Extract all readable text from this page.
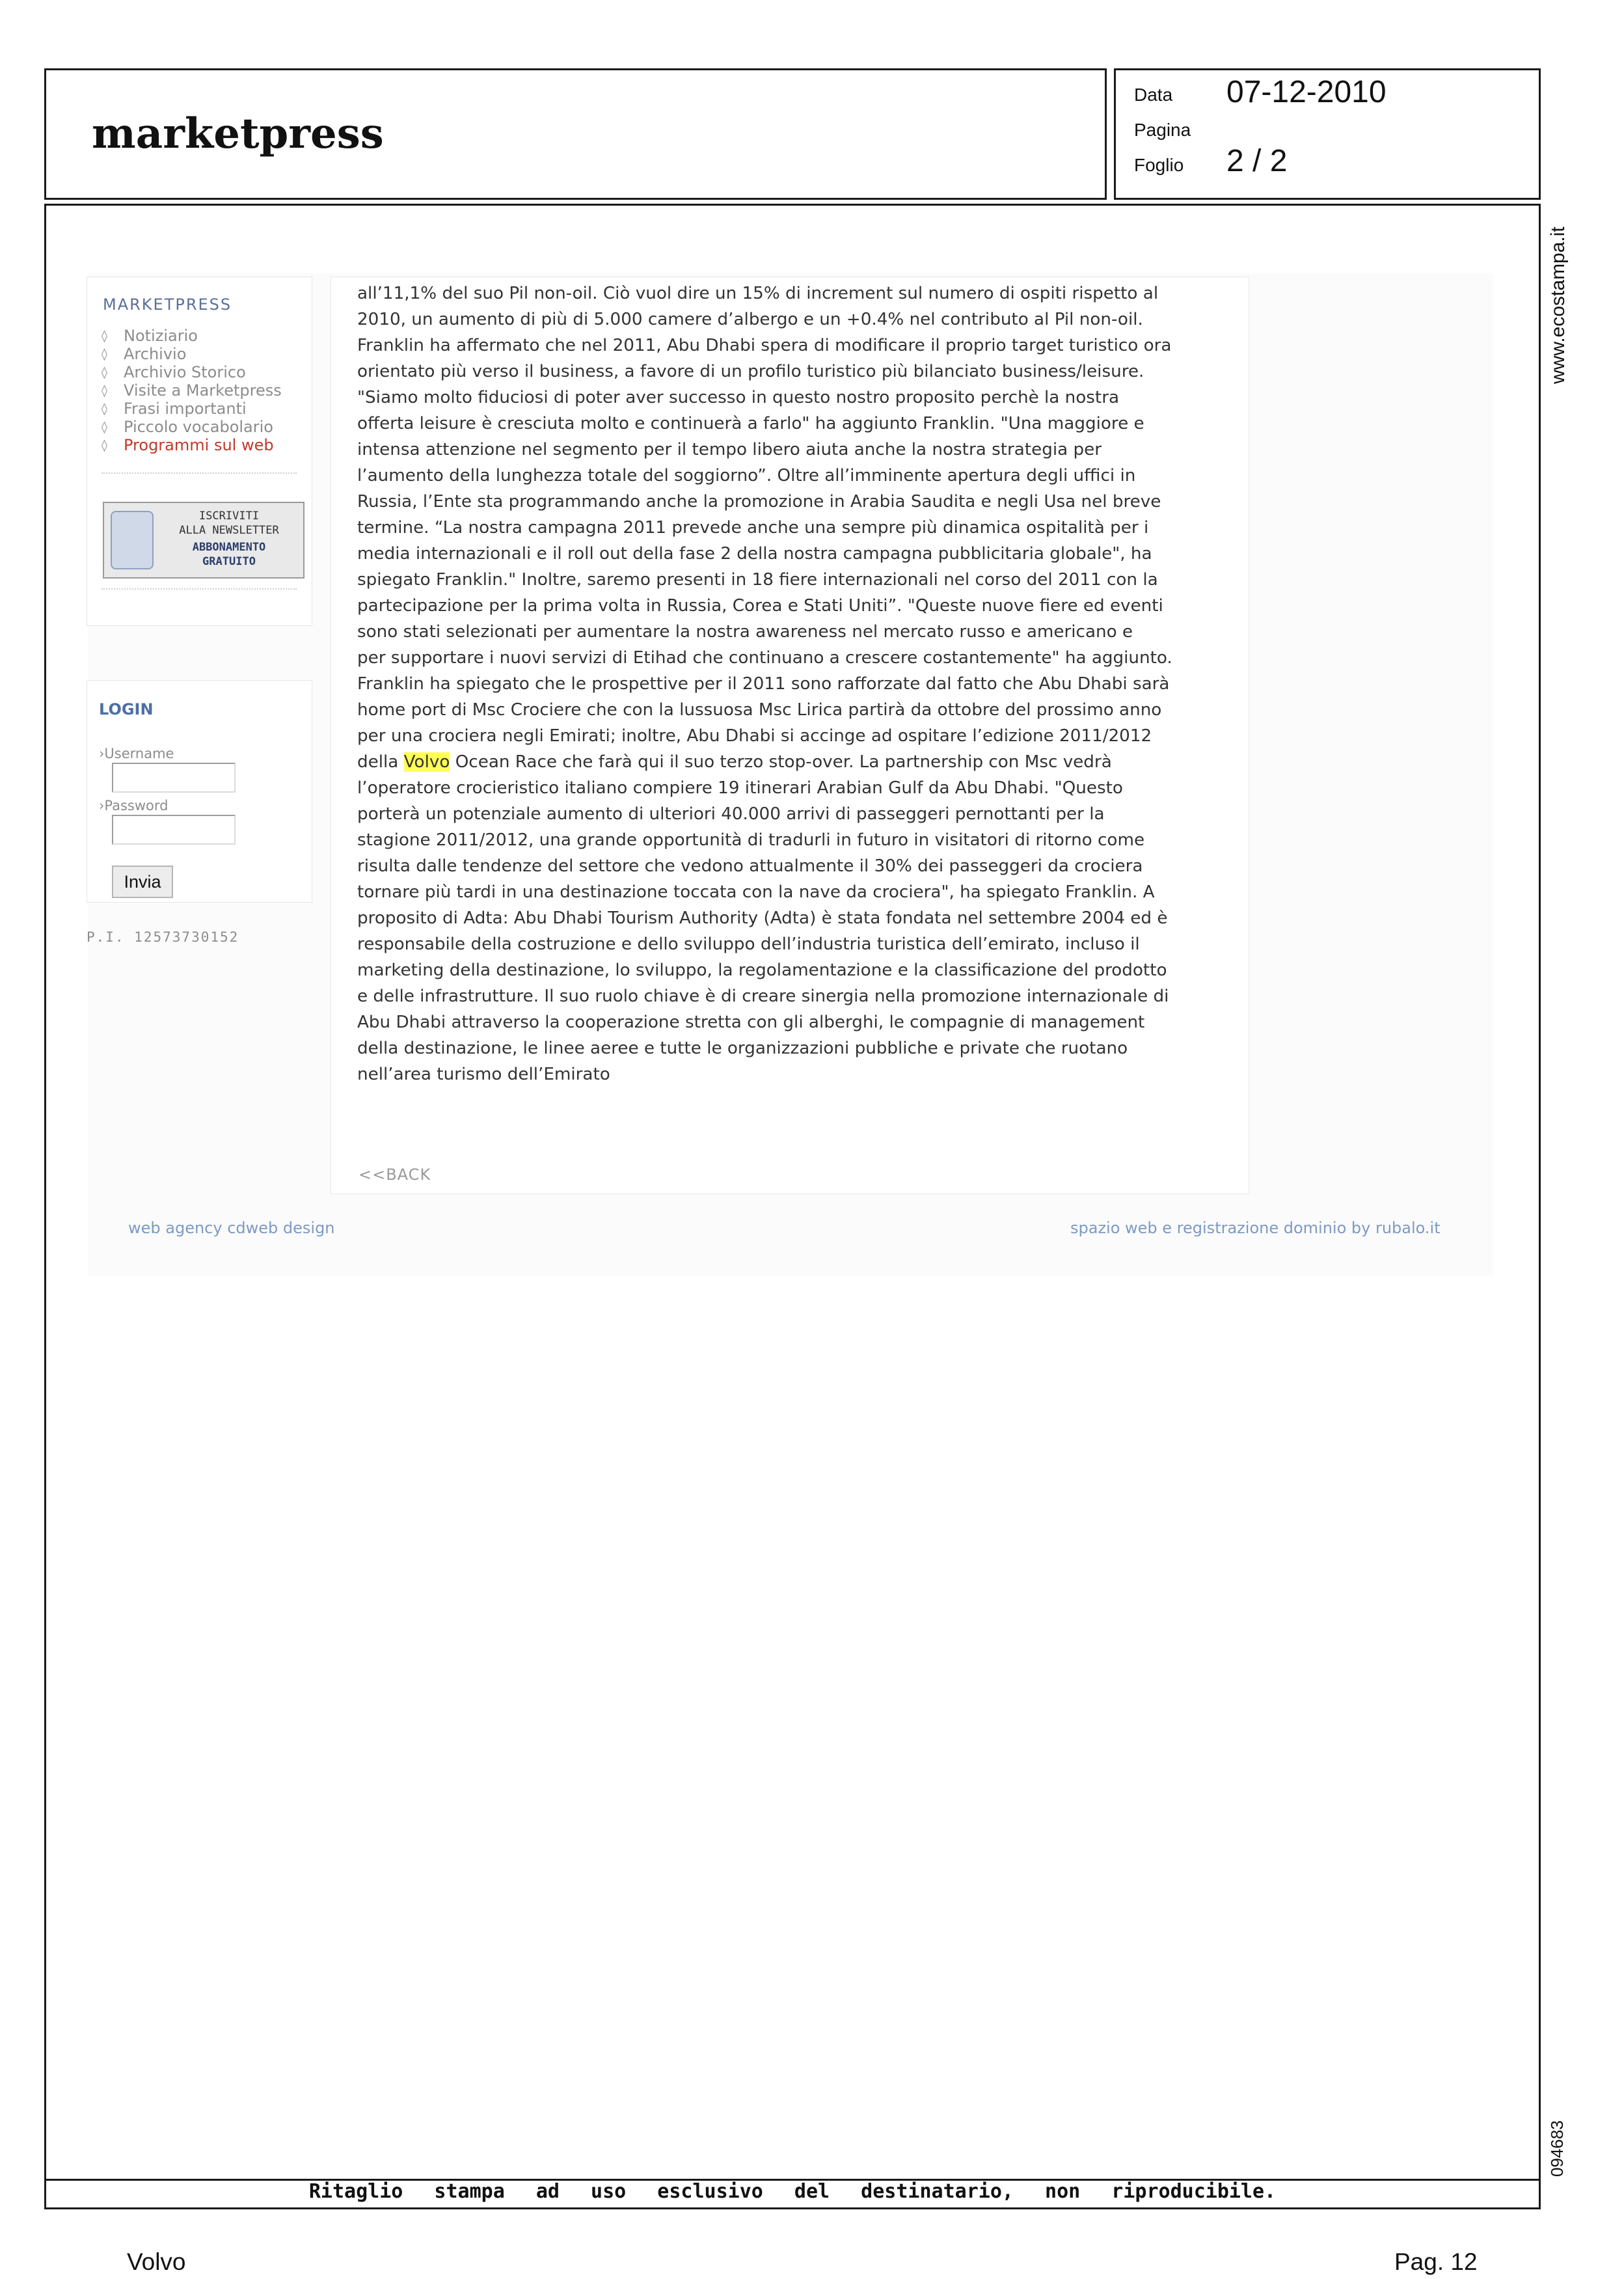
marketpress
Data 07-12-2010
Pagina
Foglio 2 / 2
www.ecostampa.it
094683
MARKETPRESS
◊ Notiziario
◊ Archivio
◊ Archivio Storico
◊ Visite a Marketpress
◊ Frasi importanti
◊ Piccolo vocabolario
◊ Programmi sul web
ISCRIVITI
ALLA NEWSLETTER
ABBONAMENTO
GRATUITO
LOGIN
›Username
›Password
Invia
P.I. 12573730152
all’11,1% del suo Pil non-oil. Ciò vuol dire un 15% di increment sul numero di ospiti rispetto al
2010, un aumento di più di 5.000 camere d’albergo e un +0.4% nel contributo al Pil non-oil.
Franklin ha affermato che nel 2011, Abu Dhabi spera di modificare il proprio target turistico ora
orientato più verso il business, a favore di un profilo turistico più bilanciato business/leisure.
"Siamo molto fiduciosi di poter aver successo in questo nostro proposito perchè la nostra
offerta leisure è cresciuta molto e continuerà a farlo" ha aggiunto Franklin. "Una maggiore e
intensa attenzione nel segmento per il tempo libero aiuta anche la nostra strategia per
l’aumento della lunghezza totale del soggiorno”. Oltre all’imminente apertura degli uffici in
Russia, l’Ente sta programmando anche la promozione in Arabia Saudita e negli Usa nel breve
termine. “La nostra campagna 2011 prevede anche una sempre più dinamica ospitalità per i
media internazionali e il roll out della fase 2 della nostra campagna pubblicitaria globale", ha
spiegato Franklin." Inoltre, saremo presenti in 18 fiere internazionali nel corso del 2011 con la
partecipazione per la prima volta in Russia, Corea e Stati Uniti”. "Queste nuove fiere ed eventi
sono stati selezionati per aumentare la nostra awareness nel mercato russo e americano e
per supportare i nuovi servizi di Etihad che continuano a crescere costantemente" ha aggiunto.
Franklin ha spiegato che le prospettive per il 2011 sono rafforzate dal fatto che Abu Dhabi sarà
home port di Msc Crociere che con la lussuosa Msc Lirica partirà da ottobre del prossimo anno
per una crociera negli Emirati; inoltre, Abu Dhabi si accinge ad ospitare l’edizione 2011/2012
della Volvo Ocean Race che farà qui il suo terzo stop-over. La partnership con Msc vedrà
l’operatore crocieristico italiano compiere 19 itinerari Arabian Gulf da Abu Dhabi. "Questo
porterà un potenziale aumento di ulteriori 40.000 arrivi di passeggeri pernottanti per la
stagione 2011/2012, una grande opportunità di tradurli in futuro in visitatori di ritorno come
risulta dalle tendenze del settore che vedono attualmente il 30% dei passeggeri da crociera
tornare più tardi in una destinazione toccata con la nave da crociera", ha spiegato Franklin. A
proposito di Adta: Abu Dhabi Tourism Authority (Adta) è stata fondata nel settembre 2004 ed è
responsabile della costruzione e dello sviluppo dell’industria turistica dell’emirato, incluso il
marketing della destinazione, lo sviluppo, la regolamentazione e la classificazione del prodotto
e delle infrastrutture. Il suo ruolo chiave è di creare sinergia nella promozione internazionale di
Abu Dhabi attraverso la cooperazione stretta con gli alberghi, le compagnie di management
della destinazione, le linee aeree e tutte le organizzazioni pubbliche e private che ruotano
nell’area turismo dell’Emirato
<<BACK
web agency cdweb design	spazio web e registrazione dominio by rubalo.it
Ritaglio stampa ad uso esclusivo del destinatario, non riproducibile.
Volvo	Pag. 12
